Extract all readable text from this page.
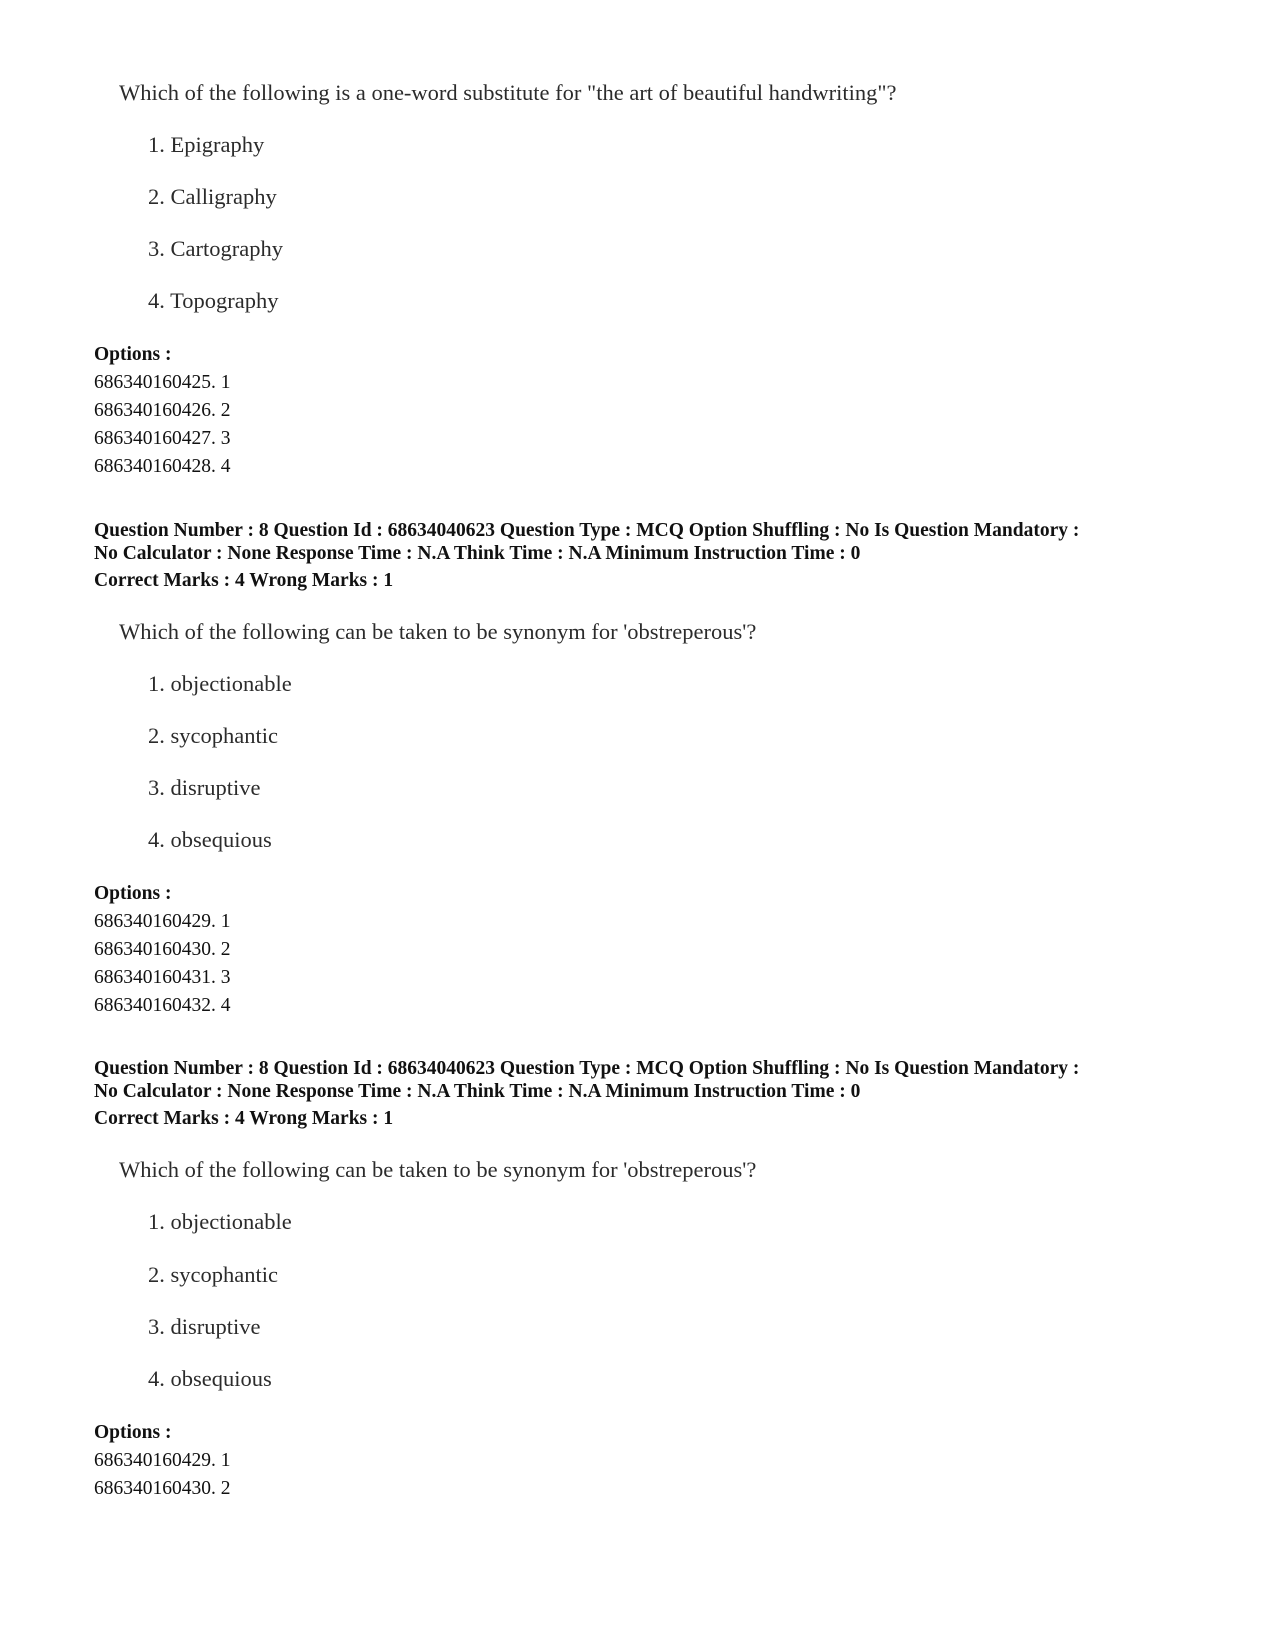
Which of the following is a one-word substitute for "the art of beautiful handwriting"?
1. Epigraphy
2. Calligraphy
3. Cartography
4. Topography
Options :
686340160425. 1
686340160426. 2
686340160427. 3
686340160428. 4
Question Number : 8 Question Id : 68634040623 Question Type : MCQ Option Shuffling : No Is Question Mandatory :
No Calculator : None Response Time : N.A Think Time : N.A Minimum Instruction Time : 0
Correct Marks : 4 Wrong Marks : 1
Which of the following can be taken to be synonym for 'obstreperous'?
1. objectionable
2. sycophantic
3. disruptive
4. obsequious
Options :
686340160429. 1
686340160430. 2
686340160431. 3
686340160432. 4
Question Number : 8 Question Id : 68634040623 Question Type : MCQ Option Shuffling : No Is Question Mandatory :
No Calculator : None Response Time : N.A Think Time : N.A Minimum Instruction Time : 0
Correct Marks : 4 Wrong Marks : 1
Which of the following can be taken to be synonym for 'obstreperous'?
1. objectionable
2. sycophantic
3. disruptive
4. obsequious
Options :
686340160429. 1
686340160430. 2
